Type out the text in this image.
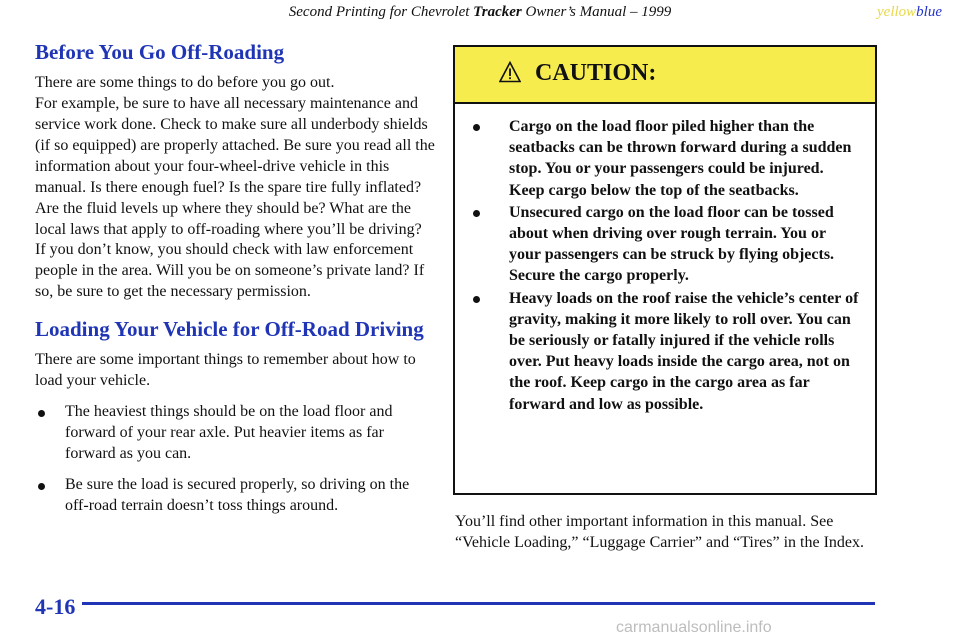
Second Printing for Chevrolet Tracker Owner’s Manual – 1999	yellowblue
Before You Go Off-Roading

There are some things to do before you go out.
For example, be sure to have all necessary maintenance and service work done. Check to make sure all underbody shields (if so equipped) are properly attached. Be sure you read all the information about your four-wheel-drive vehicle in this manual. Is there enough fuel? Is the spare tire fully inflated? Are the fluid levels up where they should be? What are the local laws that apply to off-roading where you’ll be driving? If you don’t know, you should check with law enforcement people in the area. Will you be on someone’s private land? If so, be sure to get the necessary permission.

Loading Your Vehicle for Off-Road Driving

There are some important things to remember about how to load your vehicle.

The heaviest things should be on the load floor and forward of your rear axle. Put heavier items as far forward as you can.
Be sure the load is secured properly, so driving on the off-road terrain doesn’t toss things around.
CAUTION:
Cargo on the load floor piled higher than the seatbacks can be thrown forward during a sudden stop. You or your passengers could be injured. Keep cargo below the top of the seatbacks.
Unsecured cargo on the load floor can be tossed about when driving over rough terrain. You or your passengers can be struck by flying objects. Secure the cargo properly.
Heavy loads on the roof raise the vehicle’s center of gravity, making it more likely to roll over. You can be seriously or fatally injured if the vehicle rolls over. Put heavy loads inside the cargo area, not on the roof. Keep cargo in the cargo area as far forward and low as possible.

You’ll find other important information in this manual. See “Vehicle Loading,” “Luggage Carrier” and “Tires” in the Index.

4-16
carmanualsonline.info
